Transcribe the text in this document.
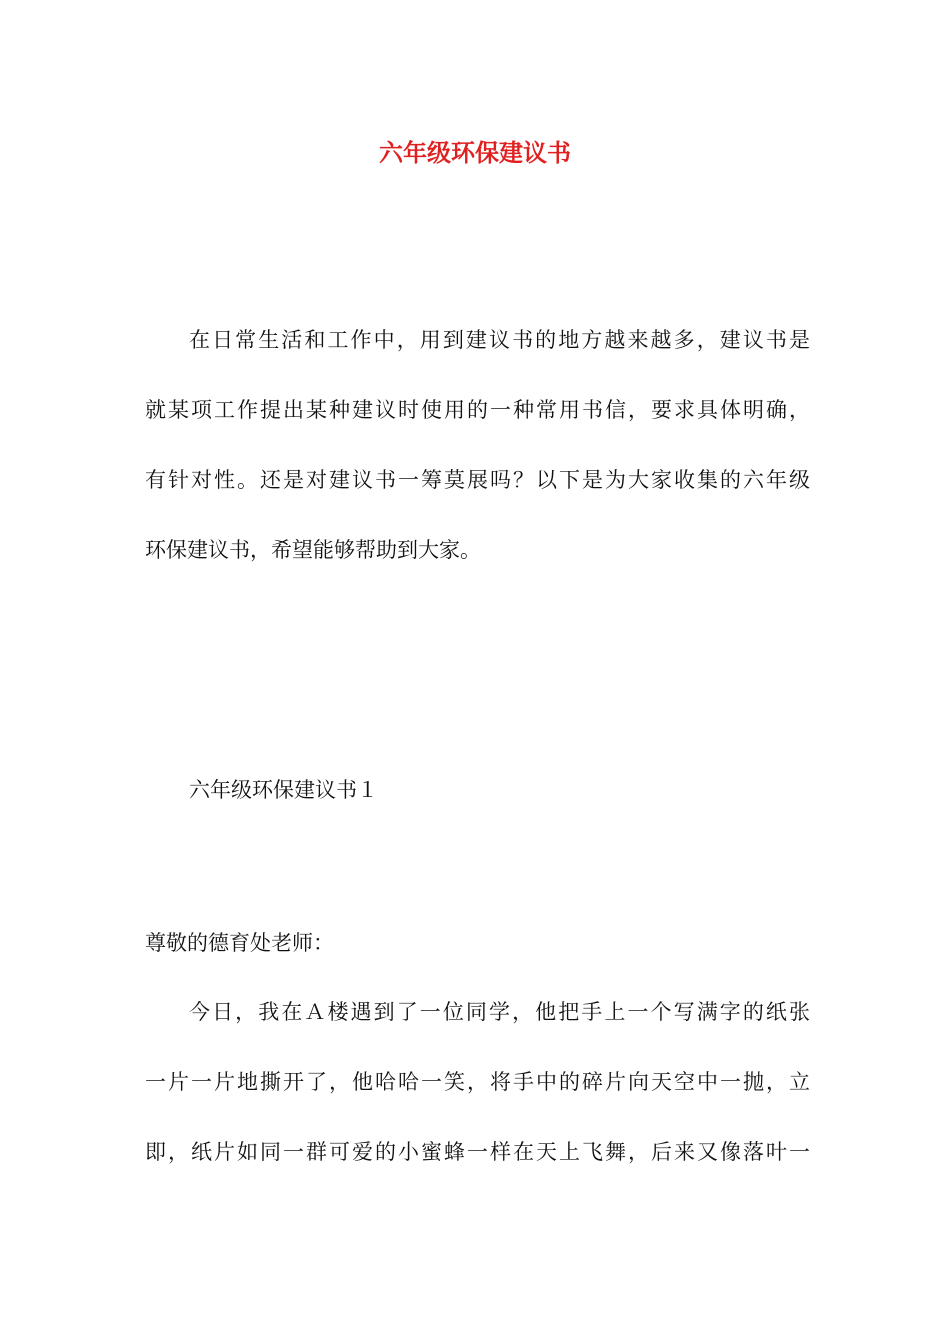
六年级环保建议书
在日常生活和工作中，用到建议书的地方越来越多，建议书是
就某项工作提出某种建议时使用的一种常用书信，要求具体明确，
有针对性。还是对建议书一筹莫展吗？以下是为大家收集的六年级
环保建议书，希望能够帮助到大家。
六年级环保建议书１
尊敬的德育处老师：
今日，我在Ａ楼遇到了一位同学，他把手上一个写满字的纸张
一片一片地撕开了，他哈哈一笑，将手中的碎片向天空中一抛，立
即，纸片如同一群可爱的小蜜蜂一样在天上飞舞，后来又像落叶一
